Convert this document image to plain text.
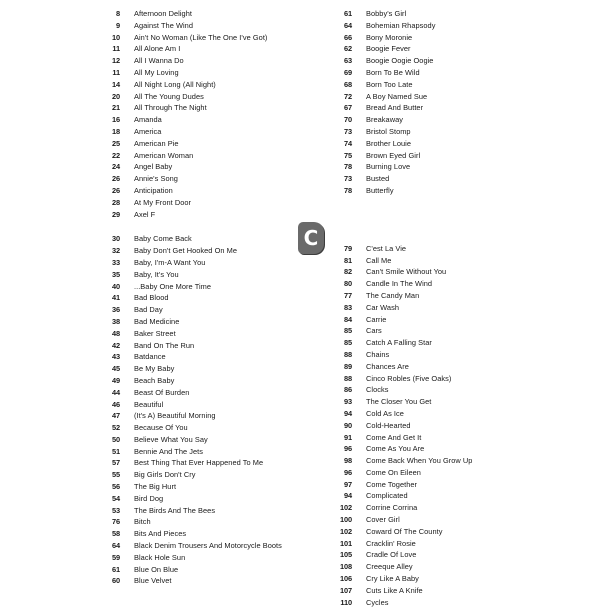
8 Afternoon Delight
9 Against The Wind
10 Ain't No Woman (Like The One I've Got)
11 All Alone Am I
12 All I Wanna Do
11 All My Loving
14 All Night Long (All Night)
20 All The Young Dudes
21 All Through The Night
16 Amanda
18 America
25 American Pie
22 American Woman
24 Angel Baby
26 Annie's Song
26 Anticipation
28 At My Front Door
29 Axel F
30 Baby Come Back
32 Baby Don't Get Hooked On Me
33 Baby, I'm-A Want You
35 Baby, It's You
40 ...Baby One More Time
41 Bad Blood
36 Bad Day
38 Bad Medicine
48 Baker Street
42 Band On The Run
43 Batdance
45 Be My Baby
49 Beach Baby
44 Beast Of Burden
46 Beautiful
47 (It's A) Beautiful Morning
52 Because Of You
50 Believe What You Say
51 Bennie And The Jets
57 Best Thing That Ever Happened To Me
55 Big Girls Don't Cry
56 The Big Hurt
54 Bird Dog
53 The Birds And The Bees
76 Bitch
58 Bits And Pieces
64 Black Denim Trousers And Motorcycle Boots
59 Black Hole Sun
61 Blue On Blue
60 Blue Velvet
61 Bobby's Girl
64 Bohemian Rhapsody
66 Bony Moronie
62 Boogie Fever
63 Boogie Oogie Oogie
69 Born To Be Wild
68 Born Too Late
72 A Boy Named Sue
67 Bread And Butter
70 Breakaway
73 Bristol Stomp
74 Brother Louie
75 Brown Eyed Girl
78 Burning Love
73 Busted
78 Butterfly
79 C'est La Vie
81 Call Me
82 Can't Smile Without You
80 Candle In The Wind
77 The Candy Man
83 Car Wash
84 Carrie
85 Cars
85 Catch A Falling Star
88 Chains
89 Chances Are
88 Cinco Robles (Five Oaks)
86 Clocks
93 The Closer You Get
94 Cold As Ice
90 Cold-Hearted
91 Come And Get It
96 Come As You Are
98 Come Back When You Grow Up
96 Come On Eileen
97 Come Together
94 Complicated
102 Corrine Corrina
100 Cover Girl
102 Coward Of The County
101 Cracklin' Rosie
105 Cradle Of Love
108 Creeque Alley
106 Cry Like A Baby
107 Cuts Like A Knife
110 Cycles
C
